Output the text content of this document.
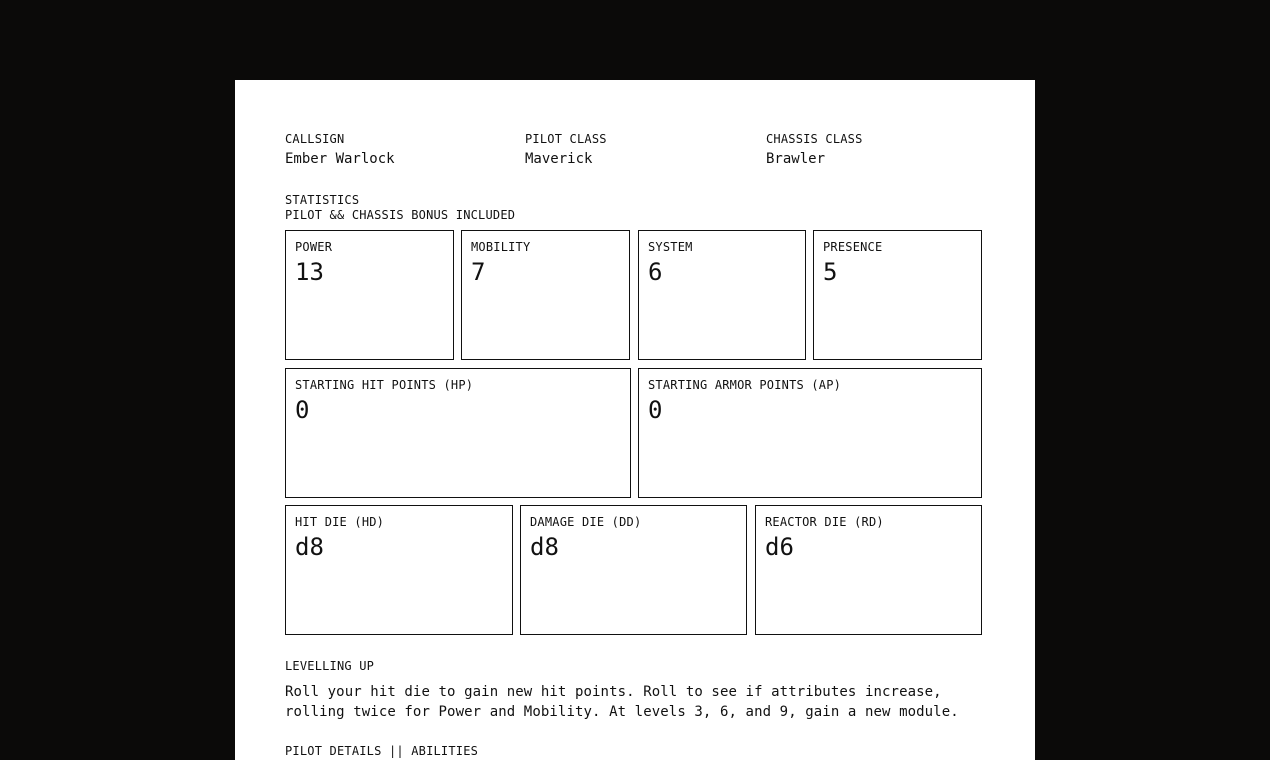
CALLSIGN
Ember Warlock
PILOT CLASS
Maverick
CHASSIS CLASS
Brawler
STATISTICS
PILOT && CHASSIS BONUS INCLUDED
POWER
13
MOBILITY
7
SYSTEM
6
PRESENCE
5
STARTING HIT POINTS (HP)
0
STARTING ARMOR POINTS (AP)
0
HIT DIE (HD)
d8
DAMAGE DIE (DD)
d8
REACTOR DIE (RD)
d6
LEVELLING UP
Roll your hit die to gain new hit points. Roll to see if attributes increase,
rolling twice for Power and Mobility. At levels 3, 6, and 9, gain a new module.
PILOT DETAILS || ABILITIES
